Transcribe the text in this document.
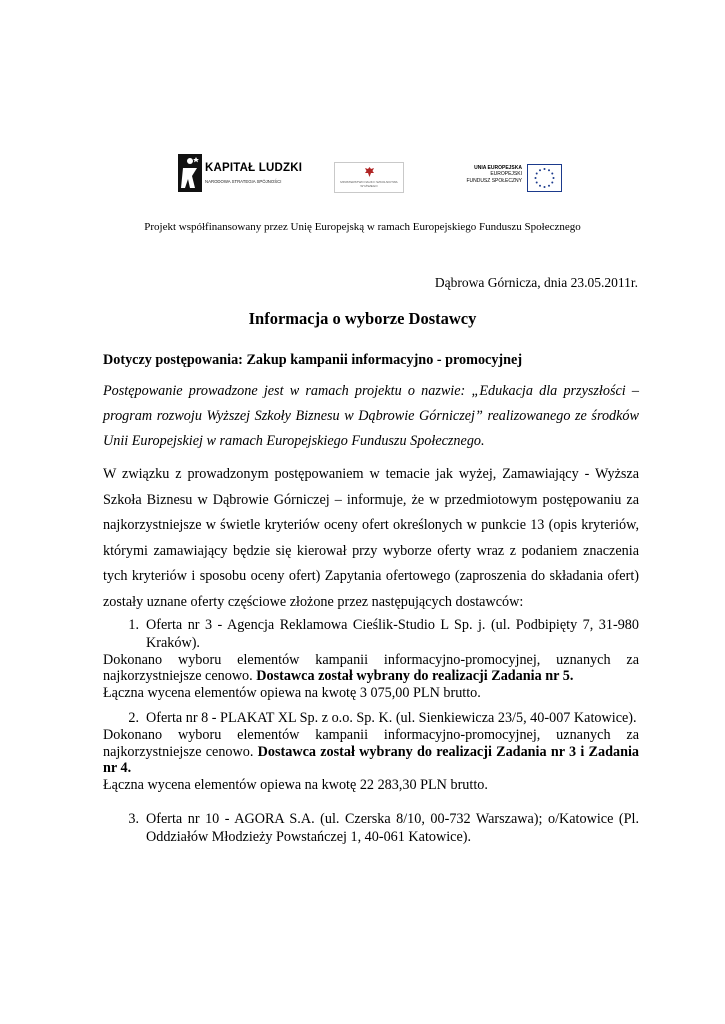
KAPITAŁ LUDZKI
NARODOWA STRATEGIA SPÓJNOŚCI	MINISTERSTWO NAUKI I SZKOLNICTWA WYŻSZEGO
UNIA EUROPEJSKA
EUROPEJSKI
FUNDUSZ SPOŁECZNY
Projekt współfinansowany przez Unię Europejską w ramach Europejskiego Funduszu Społecznego
Dąbrowa Górnicza, dnia 23.05.2011r.
Informacja o wyborze Dostawcy
Dotyczy postępowania: Zakup kampanii informacyjno - promocyjnej

Postępowanie prowadzone jest w ramach projektu o nazwie: „Edukacja dla przyszłości – program rozwoju Wyższej Szkoły Biznesu w Dąbrowie Górniczej” realizowanego ze środków Unii Europejskiej w ramach Europejskiego Funduszu Społecznego.

W związku z prowadzonym postępowaniem w temacie jak wyżej, Zamawiający - Wyższa Szkoła Biznesu w Dąbrowie Górniczej – informuje, że w przedmiotowym postępowaniu za najkorzystniejsze w świetle kryteriów oceny ofert określonych w punkcie 13 (opis kryteriów, którymi zamawiający będzie się kierował przy wyborze oferty wraz z podaniem znaczenia tych kryteriów i sposobu oceny ofert) Zapytania ofertowego (zaproszenia do składania ofert) zostały uznane oferty częściowe złożone przez następujących dostawców:

1. Oferta nr 3 - Agencja Reklamowa Cieślik-Studio L Sp. j. (ul. Podbipięty 7, 31-980 Kraków).

Dokonano wyboru elementów kampanii informacyjno-promocyjnej, uznanych za najkorzystniejsze cenowo. Dostawca został wybrany do realizacji Zadania nr 5.

Łączna wycena elementów opiewa na kwotę 3 075,00 PLN brutto.
2. Oferta nr 8 - PLAKAT XL Sp. z o.o. Sp. K. (ul. Sienkiewicza 23/5, 40-007 Katowice).

Dokonano wyboru elementów kampanii informacyjno-promocyjnej, uznanych za najkorzystniejsze cenowo. Dostawca został wybrany do realizacji Zadania nr 3 i Zadania nr 4.

Łączna wycena elementów opiewa na kwotę 22 283,30 PLN brutto.
3. Oferta nr 10 - AGORA S.A. (ul. Czerska 8/10, 00-732 Warszawa); o/Katowice (Pl. Oddziałów Młodzieży Powstańczej 1, 40-061 Katowice).
